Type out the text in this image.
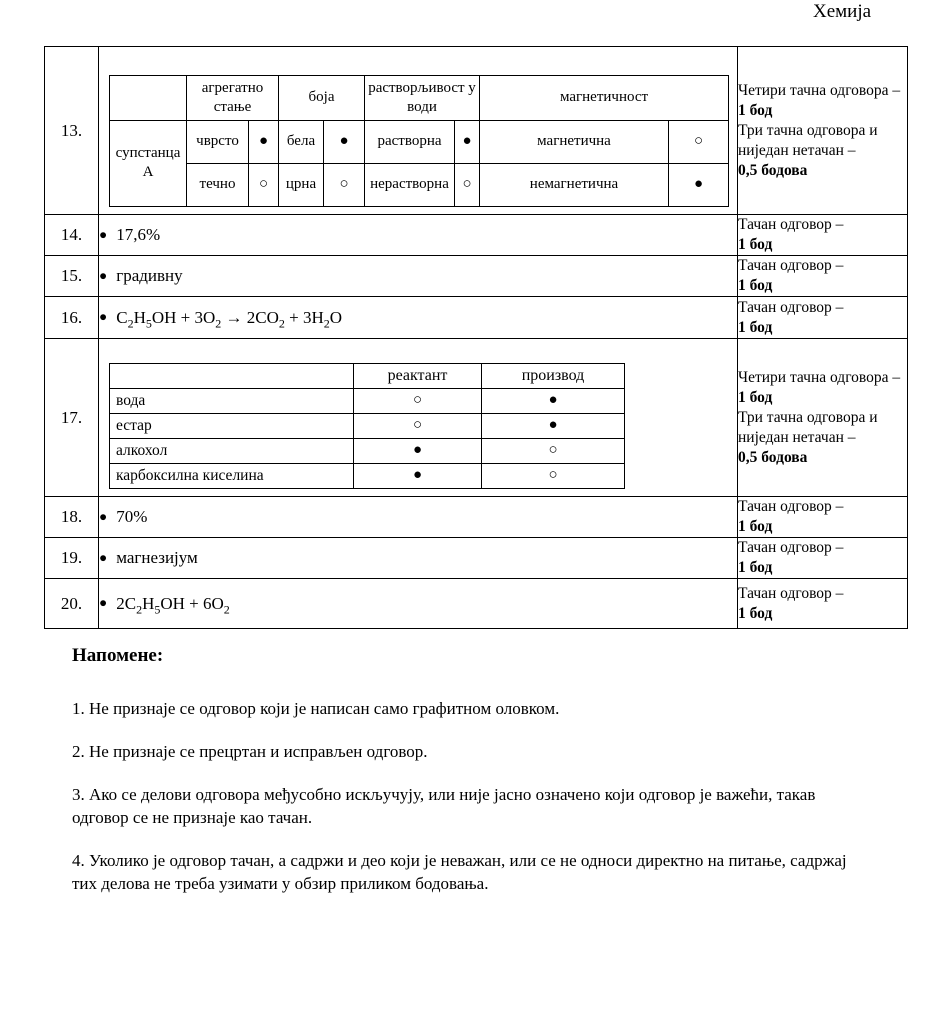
Хемија
13.	
	агрегатно стање	боја	растворљивост у води	магнетичност
супстанца А	чврсто	●	бела	●	растворна	●	магнетична	○
течно	○	црна	○	нерастворна	○	немагнетична	●

Четири тачна одговора –
1 бод
Три тачна одговора и ниједан нетачан –
0,5 бодова

14.	● 17,6%	
Тачан одговор –
1 бод

15.	● градивну	
Тачан одговор –
1 бод

16.	● $C_2H_5OH + 3O_2 \to 2CO_2 + 3H_2O$	
Тачан одговор –
1 бод

17.	
	реактант	производ
вода	○	●
естар	○	●
алкохол	●	○
карбоксилна киселина	●	○

Четири тачна одговора –
1 бод
Три тачна одговора и ниједан нетачан –
0,5 бодова

18.	● 70%	
Тачан одговор –
1 бод

19.	● магнезијум	
Тачан одговор –
1 бод

20.	● $2C_2H_5OH + 6O_2$	
Тачан одговор –
1 бод
Напомене:

1. Не признаје се одговор који је написан само графитном оловком.

2. Не признаје се прецртан и исправљен одговор.

3. Ако се делови одговора међусобно искључују, или није јасно означено који одговор је важећи, такав одговор се не признаје као тачан.

4. Уколико је одговор тачан, а садржи и део који је неважан, или се не односи директно на питање, садржај тих делова не треба узимати у обзир приликом бодовања.
